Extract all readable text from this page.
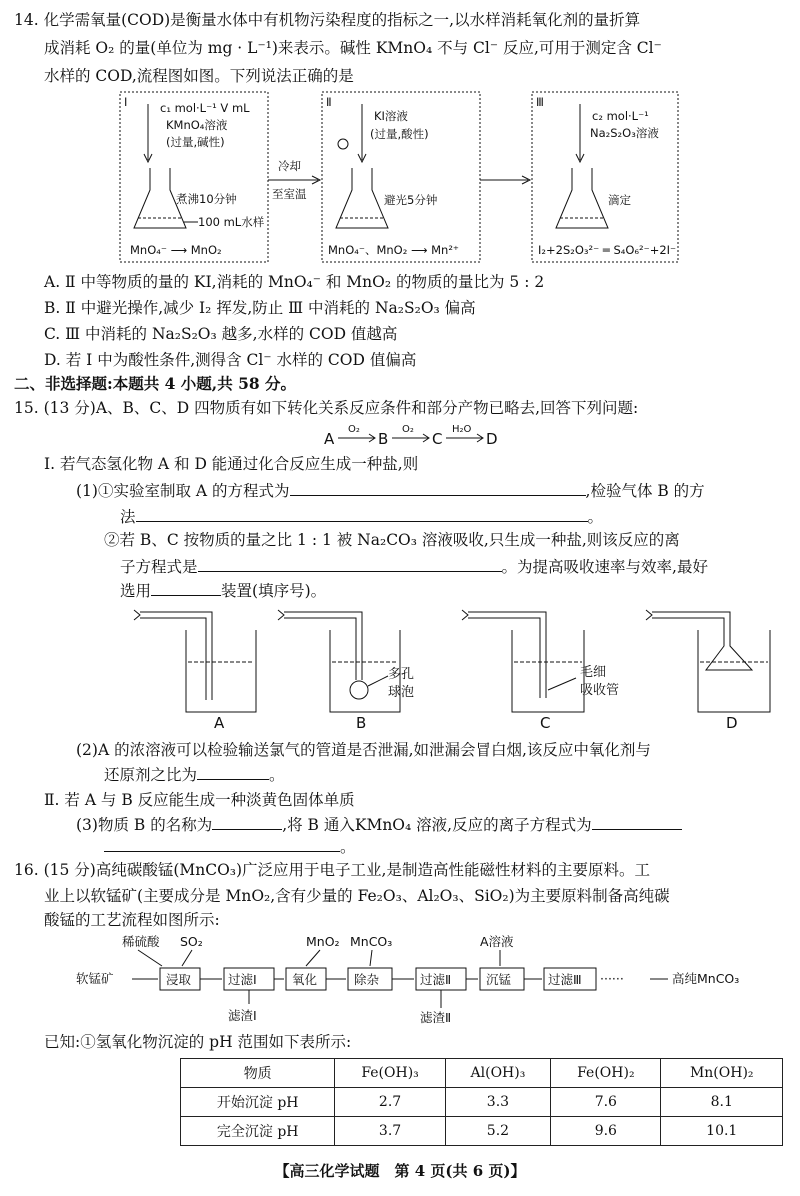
14. 化学需氧量(COD)是衡量水体中有机物污染程度的指标之一,以水样消耗氧化剂的量折算
成消耗 O₂ 的量(单位为 mg · L⁻¹)来表示。碱性 KMnO₄ 不与 Cl⁻ 反应,可用于测定含 Cl⁻
水样的 COD,流程图如图。下列说法正确的是
Ⅰ	c₁ mol·L⁻¹ V mL
KMnO₄溶液
(过量,碱性)
煮沸10分钟
100 mL水样
MnO₄⁻ ⟶ MnO₂
冷却
至室温
Ⅱ
KI溶液
(过量,酸性)
避光5分钟
MnO₄⁻、MnO₂ ⟶ Mn²⁺
Ⅲ
c₂ mol·L⁻¹
Na₂S₂O₃溶液
滴定
I₂+2S₂O₃²⁻ ═ S₄O₆²⁻+2I⁻
A. Ⅱ 中等物质的量的 KI,消耗的 MnO₄⁻ 和 MnO₂ 的物质的量比为 5 : 2
B. Ⅱ 中避光操作,减少 I₂ 挥发,防止 Ⅲ 中消耗的 Na₂S₂O₃ 偏高
C. Ⅲ 中消耗的 Na₂S₂O₃ 越多,水样的 COD 值越高
D. 若 Ⅰ 中为酸性条件,测得含 Cl⁻ 水样的 COD 值偏高
二、非选择题:本题共 4 小题,共 58 分。
15. (13 分)A、B、C、D 四物质有如下转化关系反应条件和部分产物已略去,回答下列问题:
A	B	C	D
O₂	O₂	H₂O
Ⅰ. 若气态氢化物 A 和 D 能通过化合反应生成一种盐,则
(1)①实验室制取 A 的方程式为	,检验气体 B 的方
法	。
②若 B、C 按物质的量之比 1 : 1 被 Na₂CO₃ 溶液吸收,只生成一种盐,则该反应的离
子方程式是	。为提高吸收速率与效率,最好
选用	装置(填序号)。
多孔
球泡
毛细
吸收管
A	B	C	D
(2)A 的浓溶液可以检验输送氯气的管道是否泄漏,如泄漏会冒白烟,该反应中氧化剂与
还原剂之比为	。
Ⅱ. 若 A 与 B 反应能生成一种淡黄色固体单质
(3)物质 B 的名称为	,将 B 通入KMnO₄ 溶液,反应的离子方程式为
。
16. (15 分)高纯碳酸锰(MnCO₃)广泛应用于电子工业,是制造高性能磁性材料的主要原料。工
业上以软锰矿(主要成分是 MnO₂,含有少量的 Fe₂O₃、Al₂O₃、SiO₂)为主要原料制备高纯碳
酸锰的工艺流程如图所示:
软锰矿	浸取	过滤Ⅰ	氧化	除杂	过滤Ⅱ	沉锰	过滤Ⅲ ······	高纯MnCO₃
稀硫酸 SO₂	MnO₂ MnCO₃	A溶液
滤渣Ⅰ	滤渣Ⅱ
已知:①氢氧化物沉淀的 pH 范围如下表所示:
物质	Fe(OH)₃	Al(OH)₃	Fe(OH)₂	Mn(OH)₂
开始沉淀 pH	2.7	3.3	7.6	8.1
完全沉淀 pH	3.7	5.2	9.6	10.1
【高三化学试题　第 4 页(共 6 页)】
